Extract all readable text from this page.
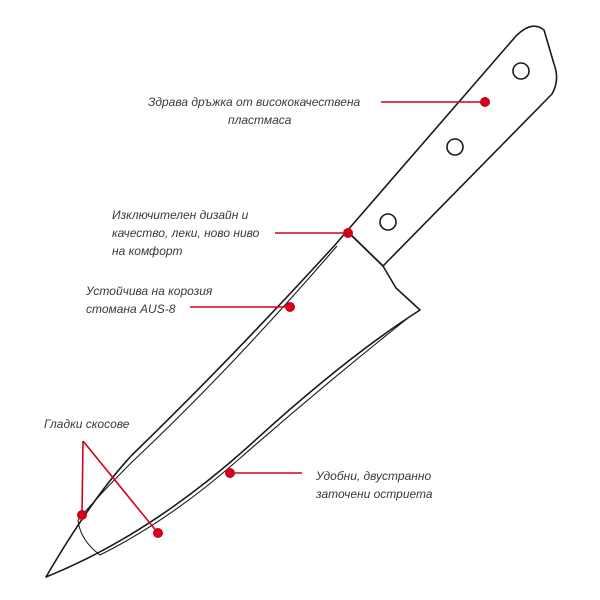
Здрава дръжка от висококачествена пластмаса
Изключителен дизайн и качество, леки, ново ниво на комфорт
Устойчива на корозия стомана AUS-8
Гладки скосове
Удобни, двустранно заточени остриета
